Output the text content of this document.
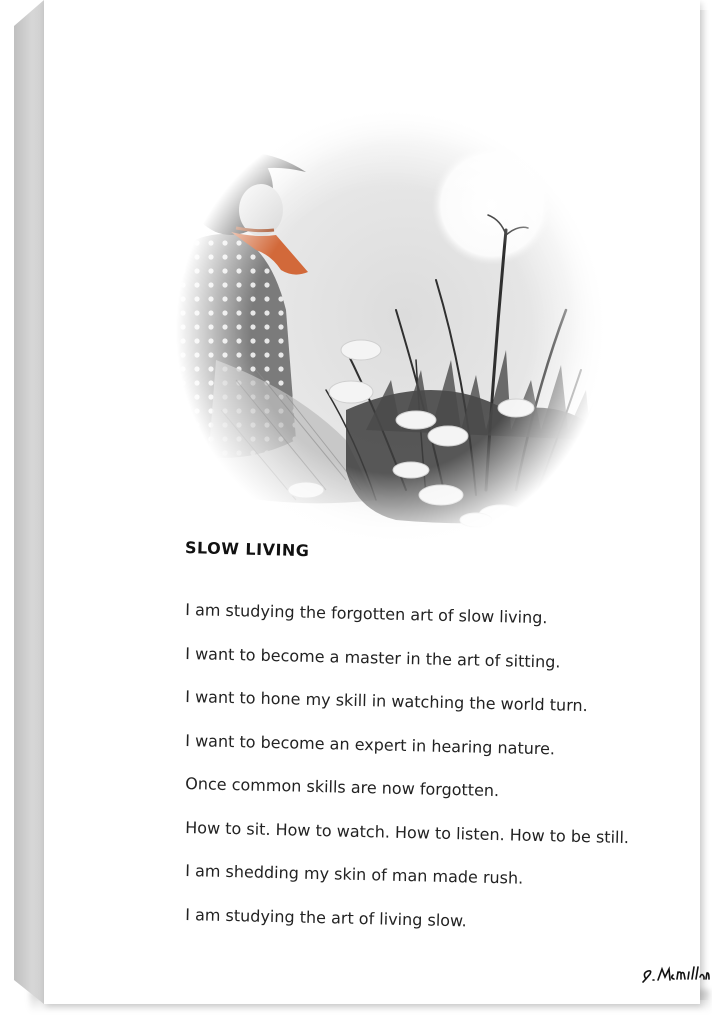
SLOW LIVING
I am studying the forgotten art of slow living.
I want to become a master in the art of sitting.
I want to hone my skill in watching the world turn.
I want to become an expert in hearing nature.
Once common skills are now forgotten.
How to sit. How to watch. How to listen. How to be still.
I am shedding my skin of man made rush.
I am studying the art of living slow.
